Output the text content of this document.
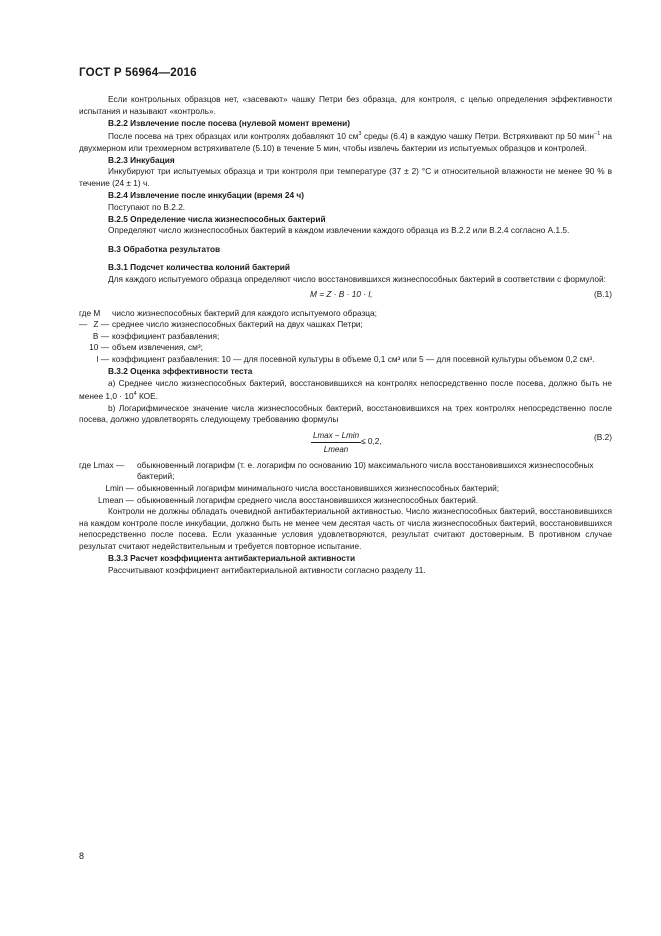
ГОСТ Р 56964—2016

Если контрольных образцов нет, «засевают» чашку Петри без образца, для контроля, с целью определения эффективности испытания и называют «контроль».

В.2.2 Извлечение после посева (нулевой момент времени)

После посева на трех образцах или контролях добавляют 10 $см^3$ среды (6.4) в каждую чашку Петри. Встряхивают пр 50 мин$^{-1}$ на двухмерном или трехмерном встряхивателе (5.10) в течение 5 мин, чтобы извлечь бактерии из испытуемых образцов и контролей.

В.2.3 Инкубация

Инкубируют три испытуемых образца и три контроля при температуре (37 ± 2) °С и относительной влажности не менее 90 % в течение (24 ± 1) ч.

В.2.4 Извлечение после инкубации (время 24 ч)

Поступают по В.2.2.

В.2.5 Определение числа жизнеспособных бактерий

Определяют число жизнеспособных бактерий в каждом извлечении каждого образца из В.2.2 или В.2.4 согласно А.1.5.

В.3 Обработка результатов

В.3.1 Подсчет количества колоний бактерий

Для каждого испытуемого образца определяют число восстановившихся жизнеспособных бактерий в соответствии с формулой:

M = Z · B · 10 · l,	(В.1)
где M —
число жизнеспособных бактерий для каждого испытуемого образца;
Z — среднее число жизнеспособных бактерий на двух чашках Петри;
B — коэффициент разбавления;
10 — объем извлечения, см³;
l — коэффициент разбавления: 10 — для посевной культуры в объеме 0,1 см³ или 5 — для посевной культуры объемом 0,2 см³.

В.3.2 Оценка эффективности теста

a) Среднее число жизнеспособных бактерий, восстановившихся на контролях непосредственно после посева, должно быть не менее $1,0 \cdot 10^4$ КОЕ.

b) Логарифмическое значение числа жизнеспособных бактерий, восстановившихся на трех контролях непосредственно после посева, должно удовлетворять следующему требованию формулы

Lmax − Lmin
Lmean
≤ 0,2,	(В.2)
где Lmax —	обыкновенный логарифм (т. е. логарифм по основанию 10) максимального числа восстановившихся жизнеспособных бактерий;
Lmin — обыкновенный логарифм минимального числа восстановившихся жизнеспособных бактерий;
Lmean — обыкновенный логарифм среднего числа восстановившихся жизнеспособных бактерий.

Контроли не должны обладать очевидной антибактериальной активностью. Число жизнеспособных бактерий, восстановившихся на каждом контроле после инкубации, должно быть не менее чем десятая часть от числа жизнеспособных бактерий, восстановившихся непосредственно после посева. Если указанные условия удовлетворяются, результат считают достоверным. В противном случае результат считают недействительным и требуется повторное испытание.

В.3.3 Расчет коэффициента антибактериальной активности

Рассчитывают коэффициент антибактериальной активности согласно разделу 11.

8
